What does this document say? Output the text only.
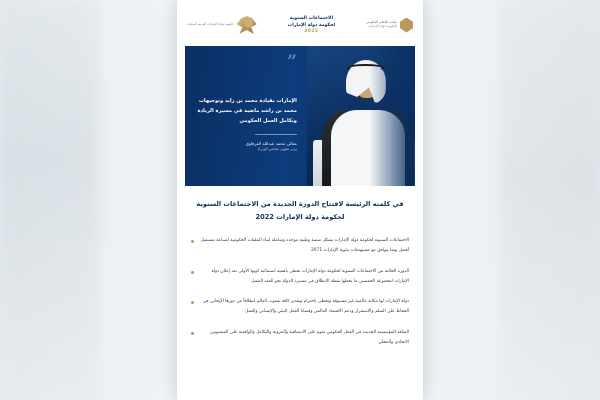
مكتب الإعلام الحكومي
لحكومة دولة الإمارات
الاجتماعات السنوية
لحكومة دولة الإمارات
2022
حكومة دولة الإمارات العربية المتحدة
”
الإمارات بقيادة محمد بن زايد وتوجيهات محمد بن راشد ماضية في مسيرة الريادة وتكامل العمل الحكومي
معالي محمد عبدالله القرقاوي
وزير شؤون مجلس الوزراء
في كلمته الرئيسة لافتتاح الدورة الجديدة من الاجتماعات السنوية لحكومة دولة الإمارات 2022
الاجتماعات السنوية لحكومة دولة الإمارات تشكل منصة وطنية موحدة وشاملة لبناء الملفات الحكومية لصناعة مستقبل أفضل وبما يتوافق مع مستهدفات مئوية الإمارات 2071
الدورة الحالية من الاجتماعات السنوية لحكومة دولة الإمارات تحظى بأهمية استثنائية كونها الأولى بعد إعلان دولة الإمارات لمجموعة الخمسين ما يجعلها نقطة الانطلاق في مسيرة الدولة نحو العقد المقبل
دولة الإمارات لها مكانة عالمية غير مسبوقة وتحظى باحترام وتقدير كافة شعوب العالم انطلاقاً من دورها الإيجابي في الحفاظ على السلم والاستقرار ودعم الاقتصاد العالمي وقضايا العمل البيئي والإنساني والعمل
الثقافة المؤسسية الجديدة في العمل الحكومي تقوم على الاستباقية والمرونة والتكامل والواقعية على المستويين الاتحادي والمحلي
